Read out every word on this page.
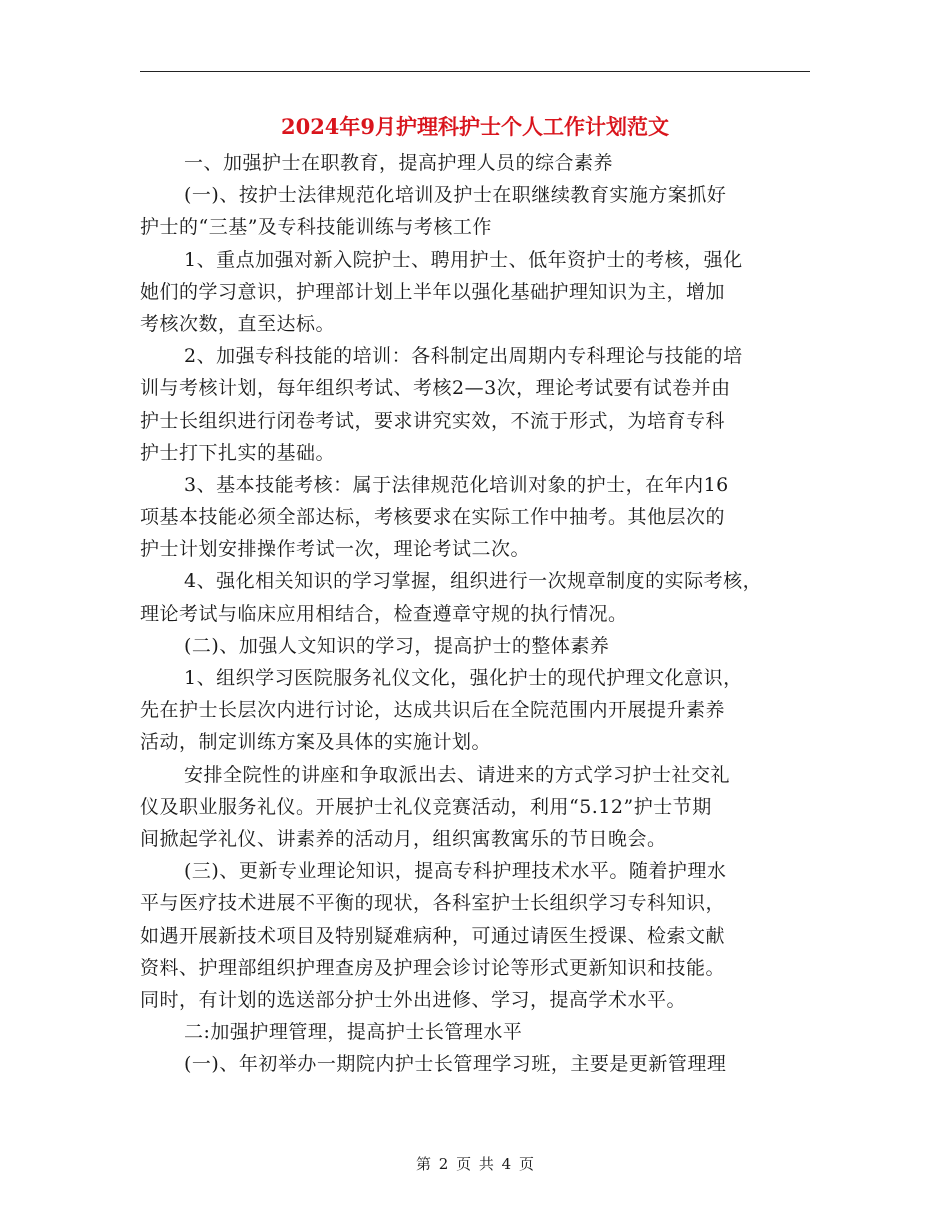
2024年9月护理科护士个人工作计划范文
一、加强护士在职教育，提高护理人员的综合素养
(一)、按护士法律规范化培训及护士在职继续教育实施方案抓好
护士的“三基”及专科技能训练与考核工作
1、重点加强对新入院护士、聘用护士、低年资护士的考核，强化
她们的学习意识，护理部计划上半年以强化基础护理知识为主，增加
考核次数，直至达标。
2、加强专科技能的培训：各科制定出周期内专科理论与技能的培
训与考核计划，每年组织考试、考核2—3次，理论考试要有试卷并由
护士长组织进行闭卷考试，要求讲究实效，不流于形式，为培育专科
护士打下扎实的基础。
3、基本技能考核：属于法律规范化培训对象的护士，在年内16
项基本技能必须全部达标，考核要求在实际工作中抽考。其他层次的
护士计划安排操作考试一次，理论考试二次。
4、强化相关知识的学习掌握，组织进行一次规章制度的实际考核，
理论考试与临床应用相结合，检查遵章守规的执行情况。
(二)、加强人文知识的学习，提高护士的整体素养
1、组织学习医院服务礼仪文化，强化护士的现代护理文化意识，
先在护士长层次内进行讨论，达成共识后在全院范围内开展提升素养
活动，制定训练方案及具体的实施计划。
安排全院性的讲座和争取派出去、请进来的方式学习护士社交礼
仪及职业服务礼仪。开展护士礼仪竞赛活动，利用“5.12”护士节期
间掀起学礼仪、讲素养的活动月，组织寓教寓乐的节日晚会。
(三)、更新专业理论知识，提高专科护理技术水平。随着护理水
平与医疗技术进展不平衡的现状，各科室护士长组织学习专科知识，
如遇开展新技术项目及特别疑难病种，可通过请医生授课、检索文献
资料、护理部组织护理查房及护理会诊讨论等形式更新知识和技能。
同时，有计划的选送部分护士外出进修、学习，提高学术水平。
二:加强护理管理，提高护士长管理水平
(一)、年初举办一期院内护士长管理学习班，主要是更新管理理
第 2 页 共 4 页
